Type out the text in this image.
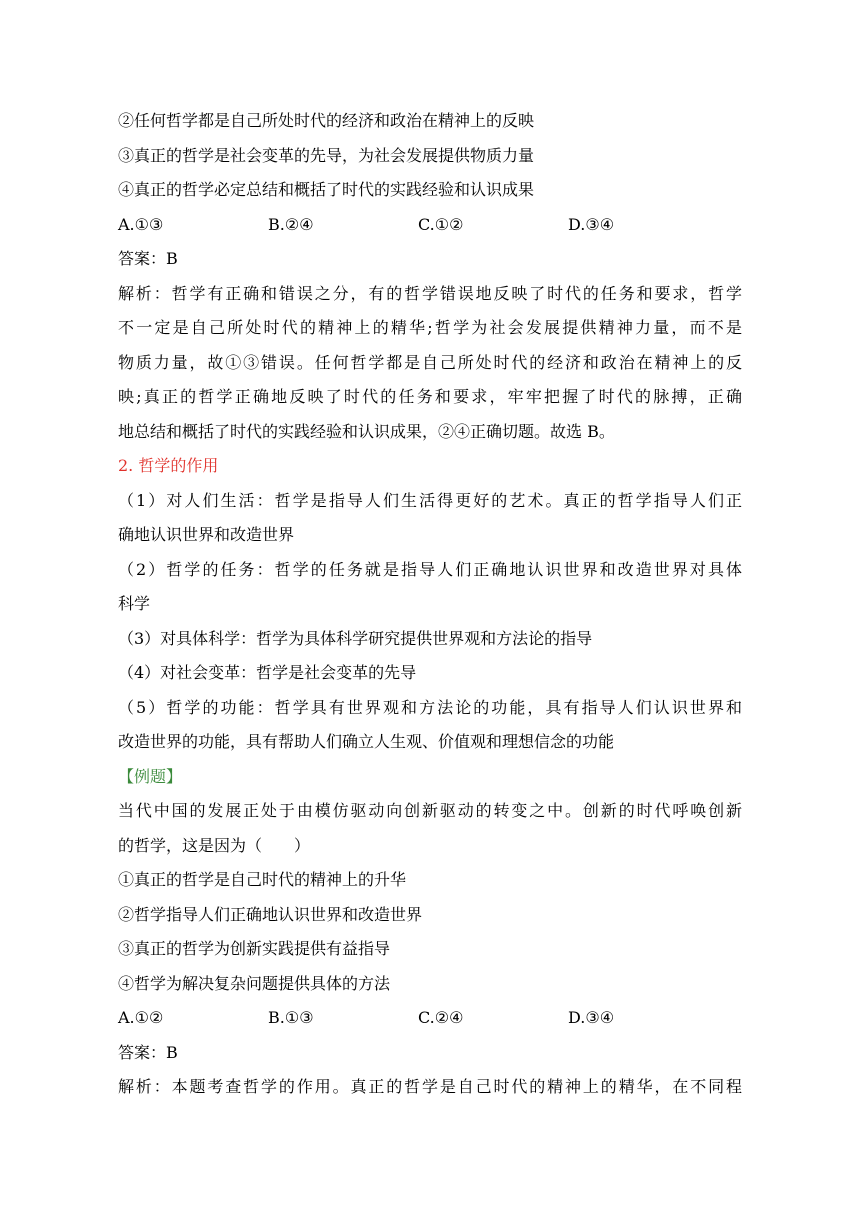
②任何哲学都是自己所处时代的经济和政治在精神上的反映
③真正的哲学是社会变革的先导，为社会发展提供物质力量
④真正的哲学必定总结和概括了时代的实践经验和认识成果
A.①③	B.②④	C.①②	D.③④
答案：B
解析：哲学有正确和错误之分，有的哲学错误地反映了时代的任务和要求，哲学
不一定是自己所处时代的精神上的精华;哲学为社会发展提供精神力量，而不是
物质力量，故①③错误。任何哲学都是自己所处时代的经济和政治在精神上的反
映;真正的哲学正确地反映了时代的任务和要求，牢牢把握了时代的脉搏，正确
地总结和概括了时代的实践经验和认识成果，②④正确切题。故选 B。
2. 哲学的作用
（1）对人们生活：哲学是指导人们生活得更好的艺术。真正的哲学指导人们正
确地认识世界和改造世界
（2）哲学的任务：哲学的任务就是指导人们正确地认识世界和改造世界对具体
科学
（3）对具体科学：哲学为具体科学研究提供世界观和方法论的指导
（4）对社会变革：哲学是社会变革的先导
（5）哲学的功能：哲学具有世界观和方法论的功能，具有指导人们认识世界和
改造世界的功能，具有帮助人们确立人生观、价值观和理想信念的功能
【例题】
当代中国的发展正处于由模仿驱动向创新驱动的转变之中。创新的时代呼唤创新
的哲学，这是因为（　　）
①真正的哲学是自己时代的精神上的升华
②哲学指导人们正确地认识世界和改造世界
③真正的哲学为创新实践提供有益指导
④哲学为解决复杂问题提供具体的方法
A.①②	B.①③	C.②④	D.③④
答案：B
解析：本题考查哲学的作用。真正的哲学是自己时代的精神上的精华，在不同程
